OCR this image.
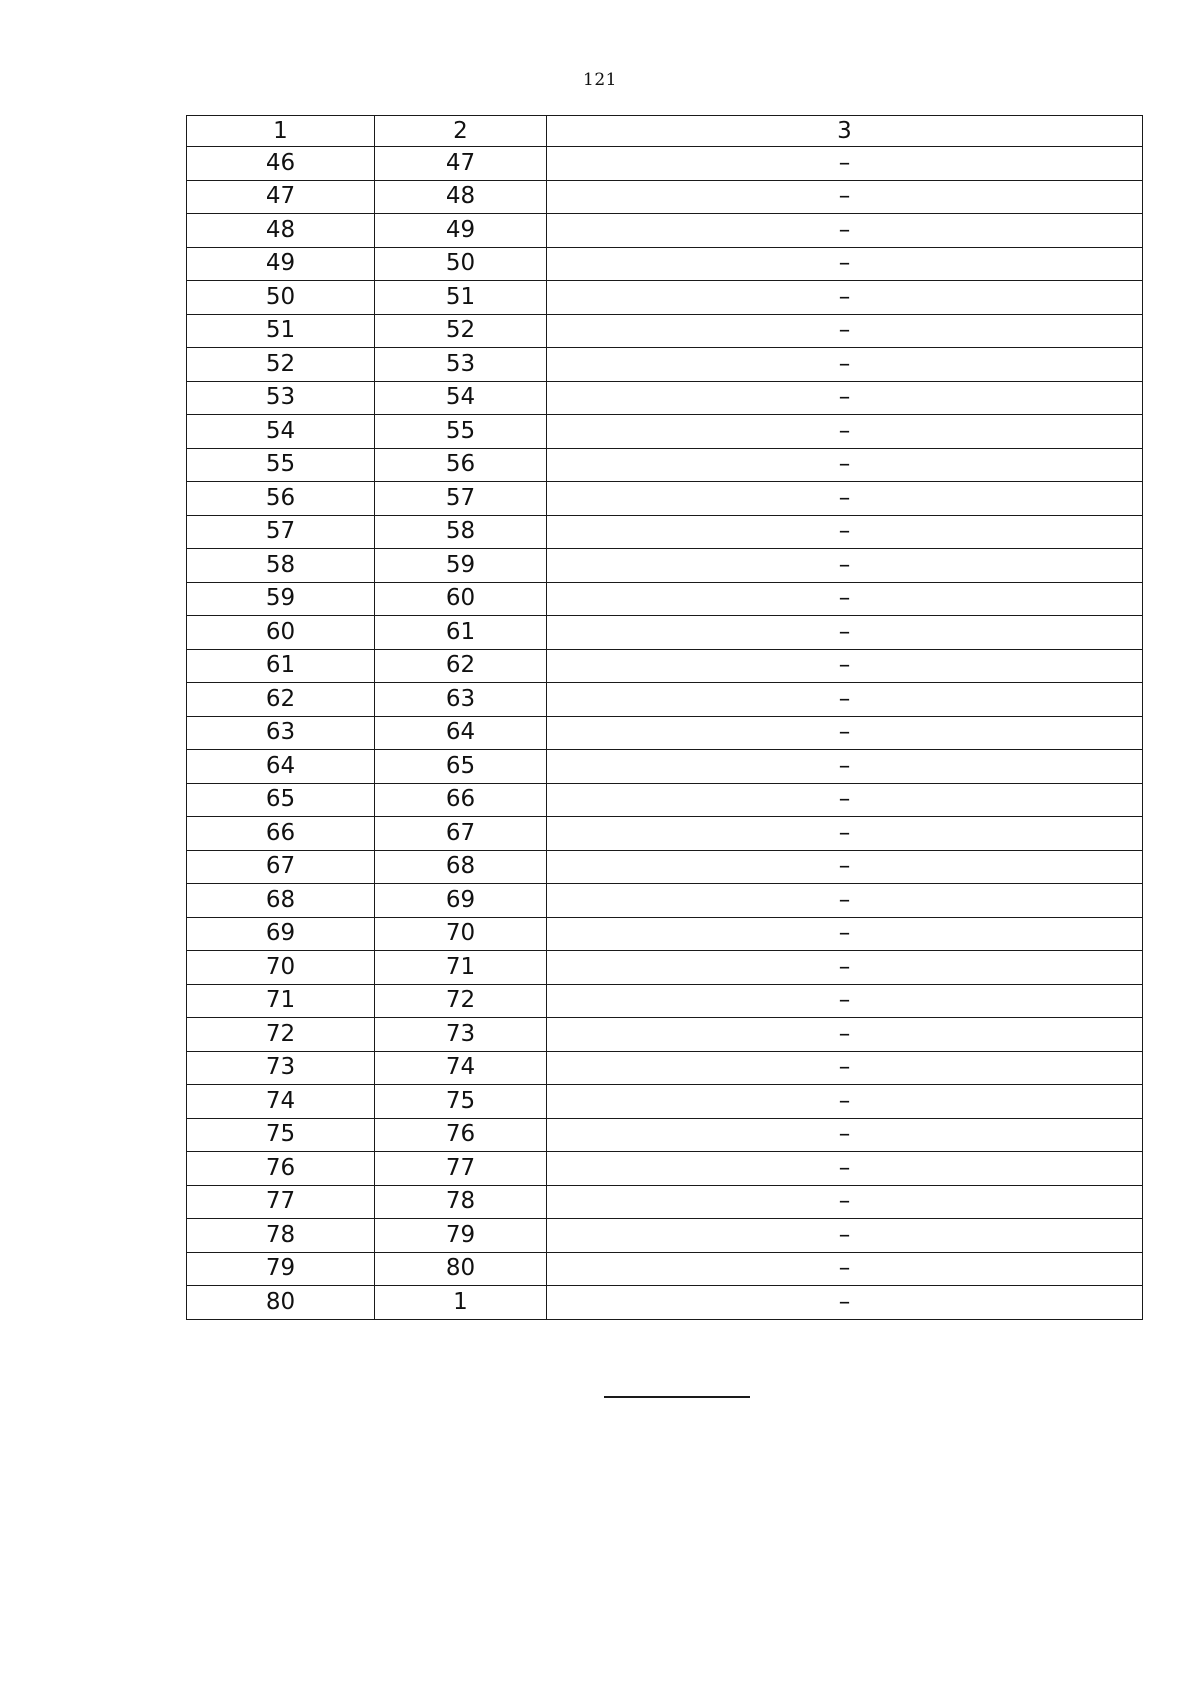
121
1	2	3
46	47	–
47	48	–
48	49	–
49	50	–
50	51	–
51	52	–
52	53	–
53	54	–
54	55	–
55	56	–
56	57	–
57	58	–
58	59	–
59	60	–
60	61	–
61	62	–
62	63	–
63	64	–
64	65	–
65	66	–
66	67	–
67	68	–
68	69	–
69	70	–
70	71	–
71	72	–
72	73	–
73	74	–
74	75	–
75	76	–
76	77	–
77	78	–
78	79	–
79	80	–
80	1	–
